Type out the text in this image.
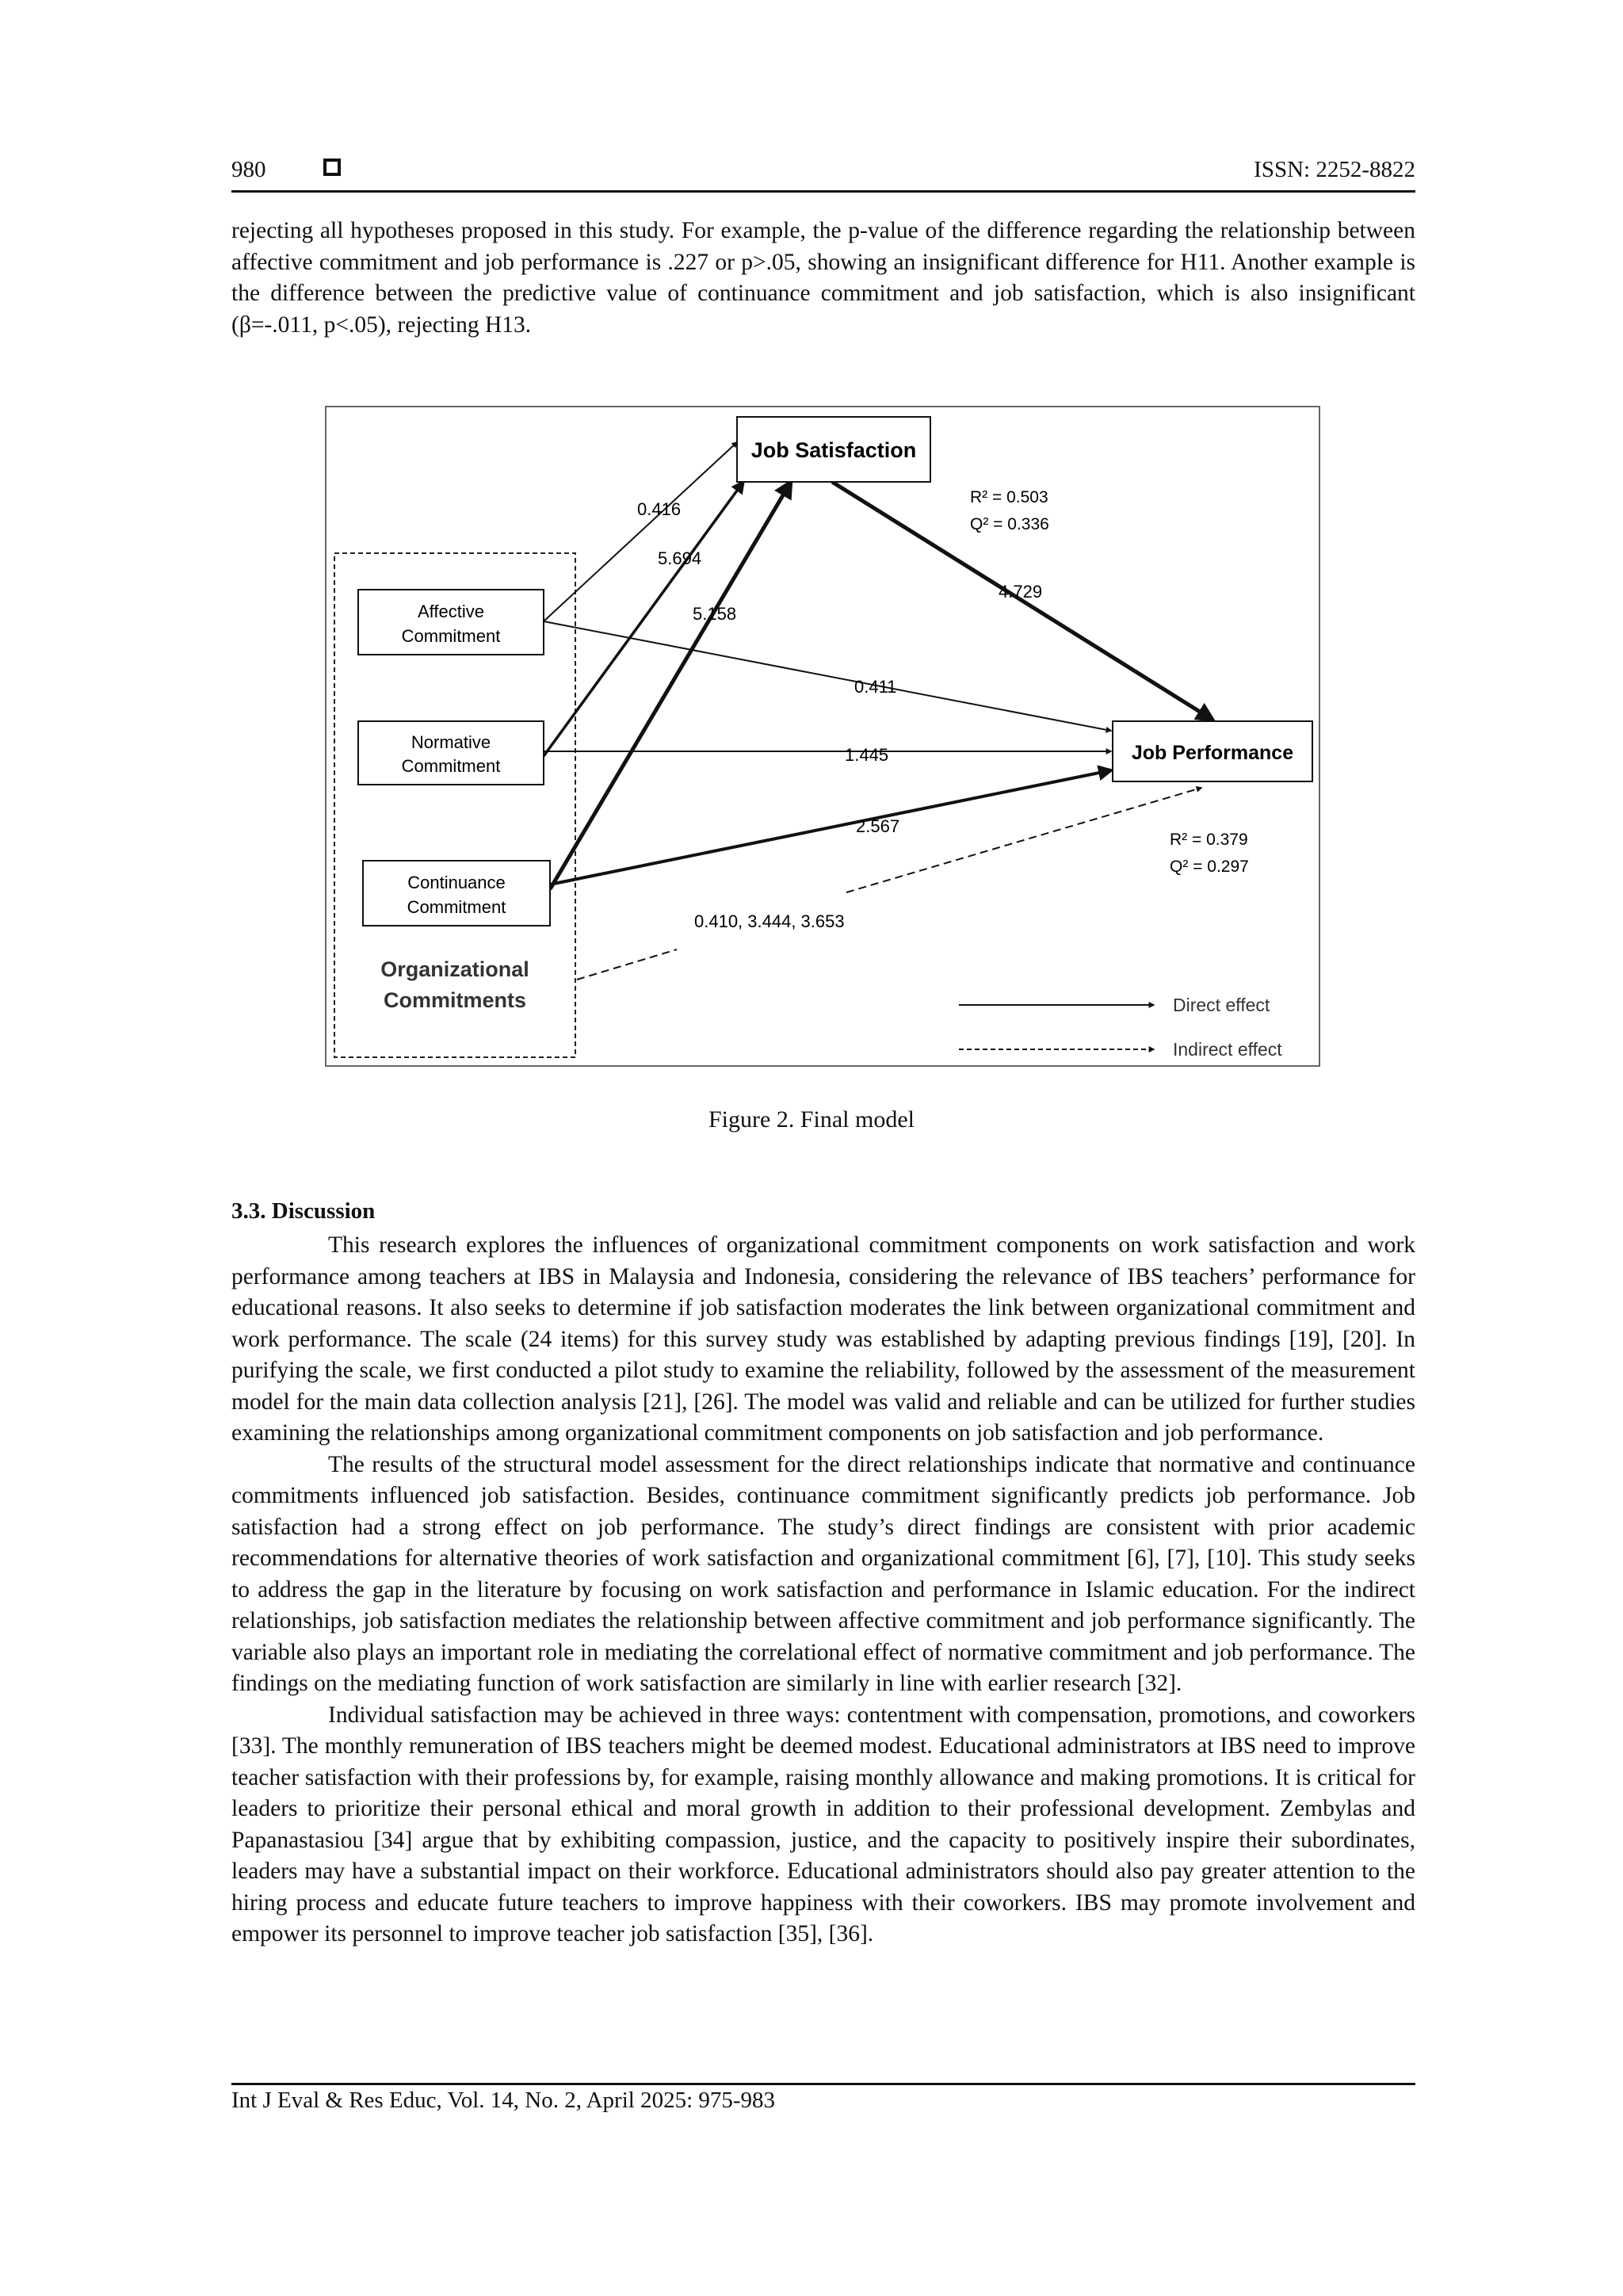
980	ISSN: 2252-8822

rejecting all hypotheses proposed in this study. For example, the p-value of the difference regarding the relationship between affective commitment and job performance is .227 or p>.05, showing an insignificant difference for H11. Another example is the difference between the predictive value of continuance commitment and job satisfaction, which is also insignificant (β=-.011, p<.05), rejecting H13.

Job Satisfaction
Job Performance
Affective
Commitment
Normative
Commitment
Continuance
Commitment
Organizational
Commitments
0.416
5.694
5.158
4.729
0.411
1.445
2.567
0.410, 3.444, 3.653
R² = 0.503
Q² = 0.336
R² = 0.379
Q² = 0.297
Direct effect
Indirect effect
Figure 2. Final model
3.3. Discussion

This research explores the influences of organizational commitment components on work satisfaction and work performance among teachers at IBS in Malaysia and Indonesia, considering the relevance of IBS teachers’ performance for educational reasons. It also seeks to determine if job satisfaction moderates the link between organizational commitment and work performance. The scale (24 items) for this survey study was established by adapting previous findings [19], [20]. In purifying the scale, we first conducted a pilot study to examine the reliability, followed by the assessment of the measurement model for the main data collection analysis [21], [26]. The model was valid and reliable and can be utilized for further studies examining the relationships among organizational commitment components on job satisfaction and job performance.

The results of the structural model assessment for the direct relationships indicate that normative and continuance commitments influenced job satisfaction. Besides, continuance commitment significantly predicts job performance. Job satisfaction had a strong effect on job performance. The study’s direct findings are consistent with prior academic recommendations for alternative theories of work satisfaction and organizational commitment [6], [7], [10]. This study seeks to address the gap in the literature by focusing on work satisfaction and performance in Islamic education. For the indirect relationships, job satisfaction mediates the relationship between affective commitment and job performance significantly. The variable also plays an important role in mediating the correlational effect of normative commitment and job performance. The findings on the mediating function of work satisfaction are similarly in line with earlier research [32].

Individual satisfaction may be achieved in three ways: contentment with compensation, promotions, and coworkers [33]. The monthly remuneration of IBS teachers might be deemed modest. Educational administrators at IBS need to improve teacher satisfaction with their professions by, for example, raising monthly allowance and making promotions. It is critical for leaders to prioritize their personal ethical and moral growth in addition to their professional development. Zembylas and Papanastasiou [34] argue that by exhibiting compassion, justice, and the capacity to positively inspire their subordinates, leaders may have a substantial impact on their workforce. Educational administrators should also pay greater attention to the hiring process and educate future teachers to improve happiness with their coworkers. IBS may promote involvement and empower its personnel to improve teacher job satisfaction [35], [36].

Int J Eval & Res Educ, Vol. 14, No. 2, April 2025: 975-983
